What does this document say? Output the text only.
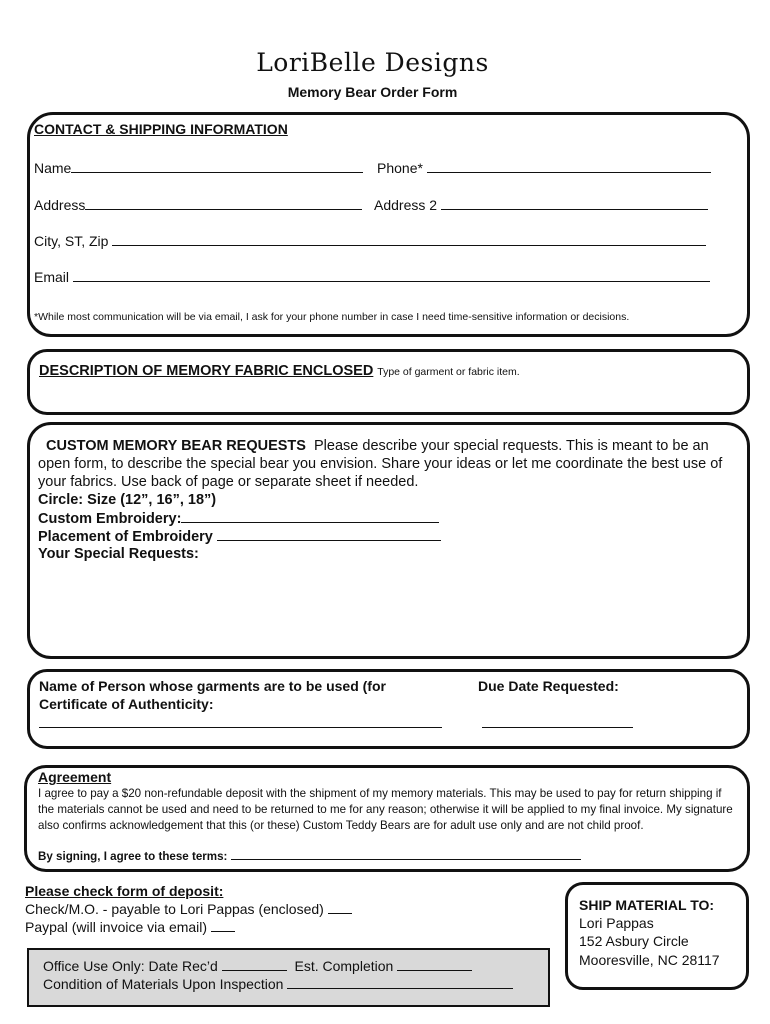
LoriBelle Designs
Memory Bear Order Form
CONTACT & SHIPPING INFORMATION
Name	Phone*
Address	Address 2
City, ST, Zip
Email
*While most communication will be via email, I ask for your phone number in case I need time-sensitive information or decisions.
DESCRIPTION OF MEMORY FABRIC ENCLOSED Type of garment or fabric item.
CUSTOM MEMORY BEAR REQUESTS Please describe your special requests. This is meant to be an open form, to describe the special bear you envision. Share your ideas or let me coordinate the best use of your fabrics. Use back of page or separate sheet if needed.
Circle: Size (12”, 16”, 18”)
Custom Embroidery:
Placement of Embroidery
Your Special Requests:
Name of Person whose garments are to be used (for
Certificate of Authenticity:
Due Date Requested:
Agreement
I agree to pay a $20 non-refundable deposit with the shipment of my memory materials. This may be used to pay for return shipping if the materials cannot be used and need to be returned to me for any reason; otherwise it will be applied to my final invoice. My signature also confirms acknowledgement that this (or these) Custom Teddy Bears are for adult use only and are not child proof.
By signing, I agree to these terms:
Please check form of deposit:
Check/M.O. - payable to Lori Pappas (enclosed)
Paypal (will invoice via email)
Office Use Only: Date Rec’d	Est. Completion
Condition of Materials Upon Inspection
SHIP MATERIAL TO:
Lori Pappas
152 Asbury Circle
Mooresville, NC 28117
